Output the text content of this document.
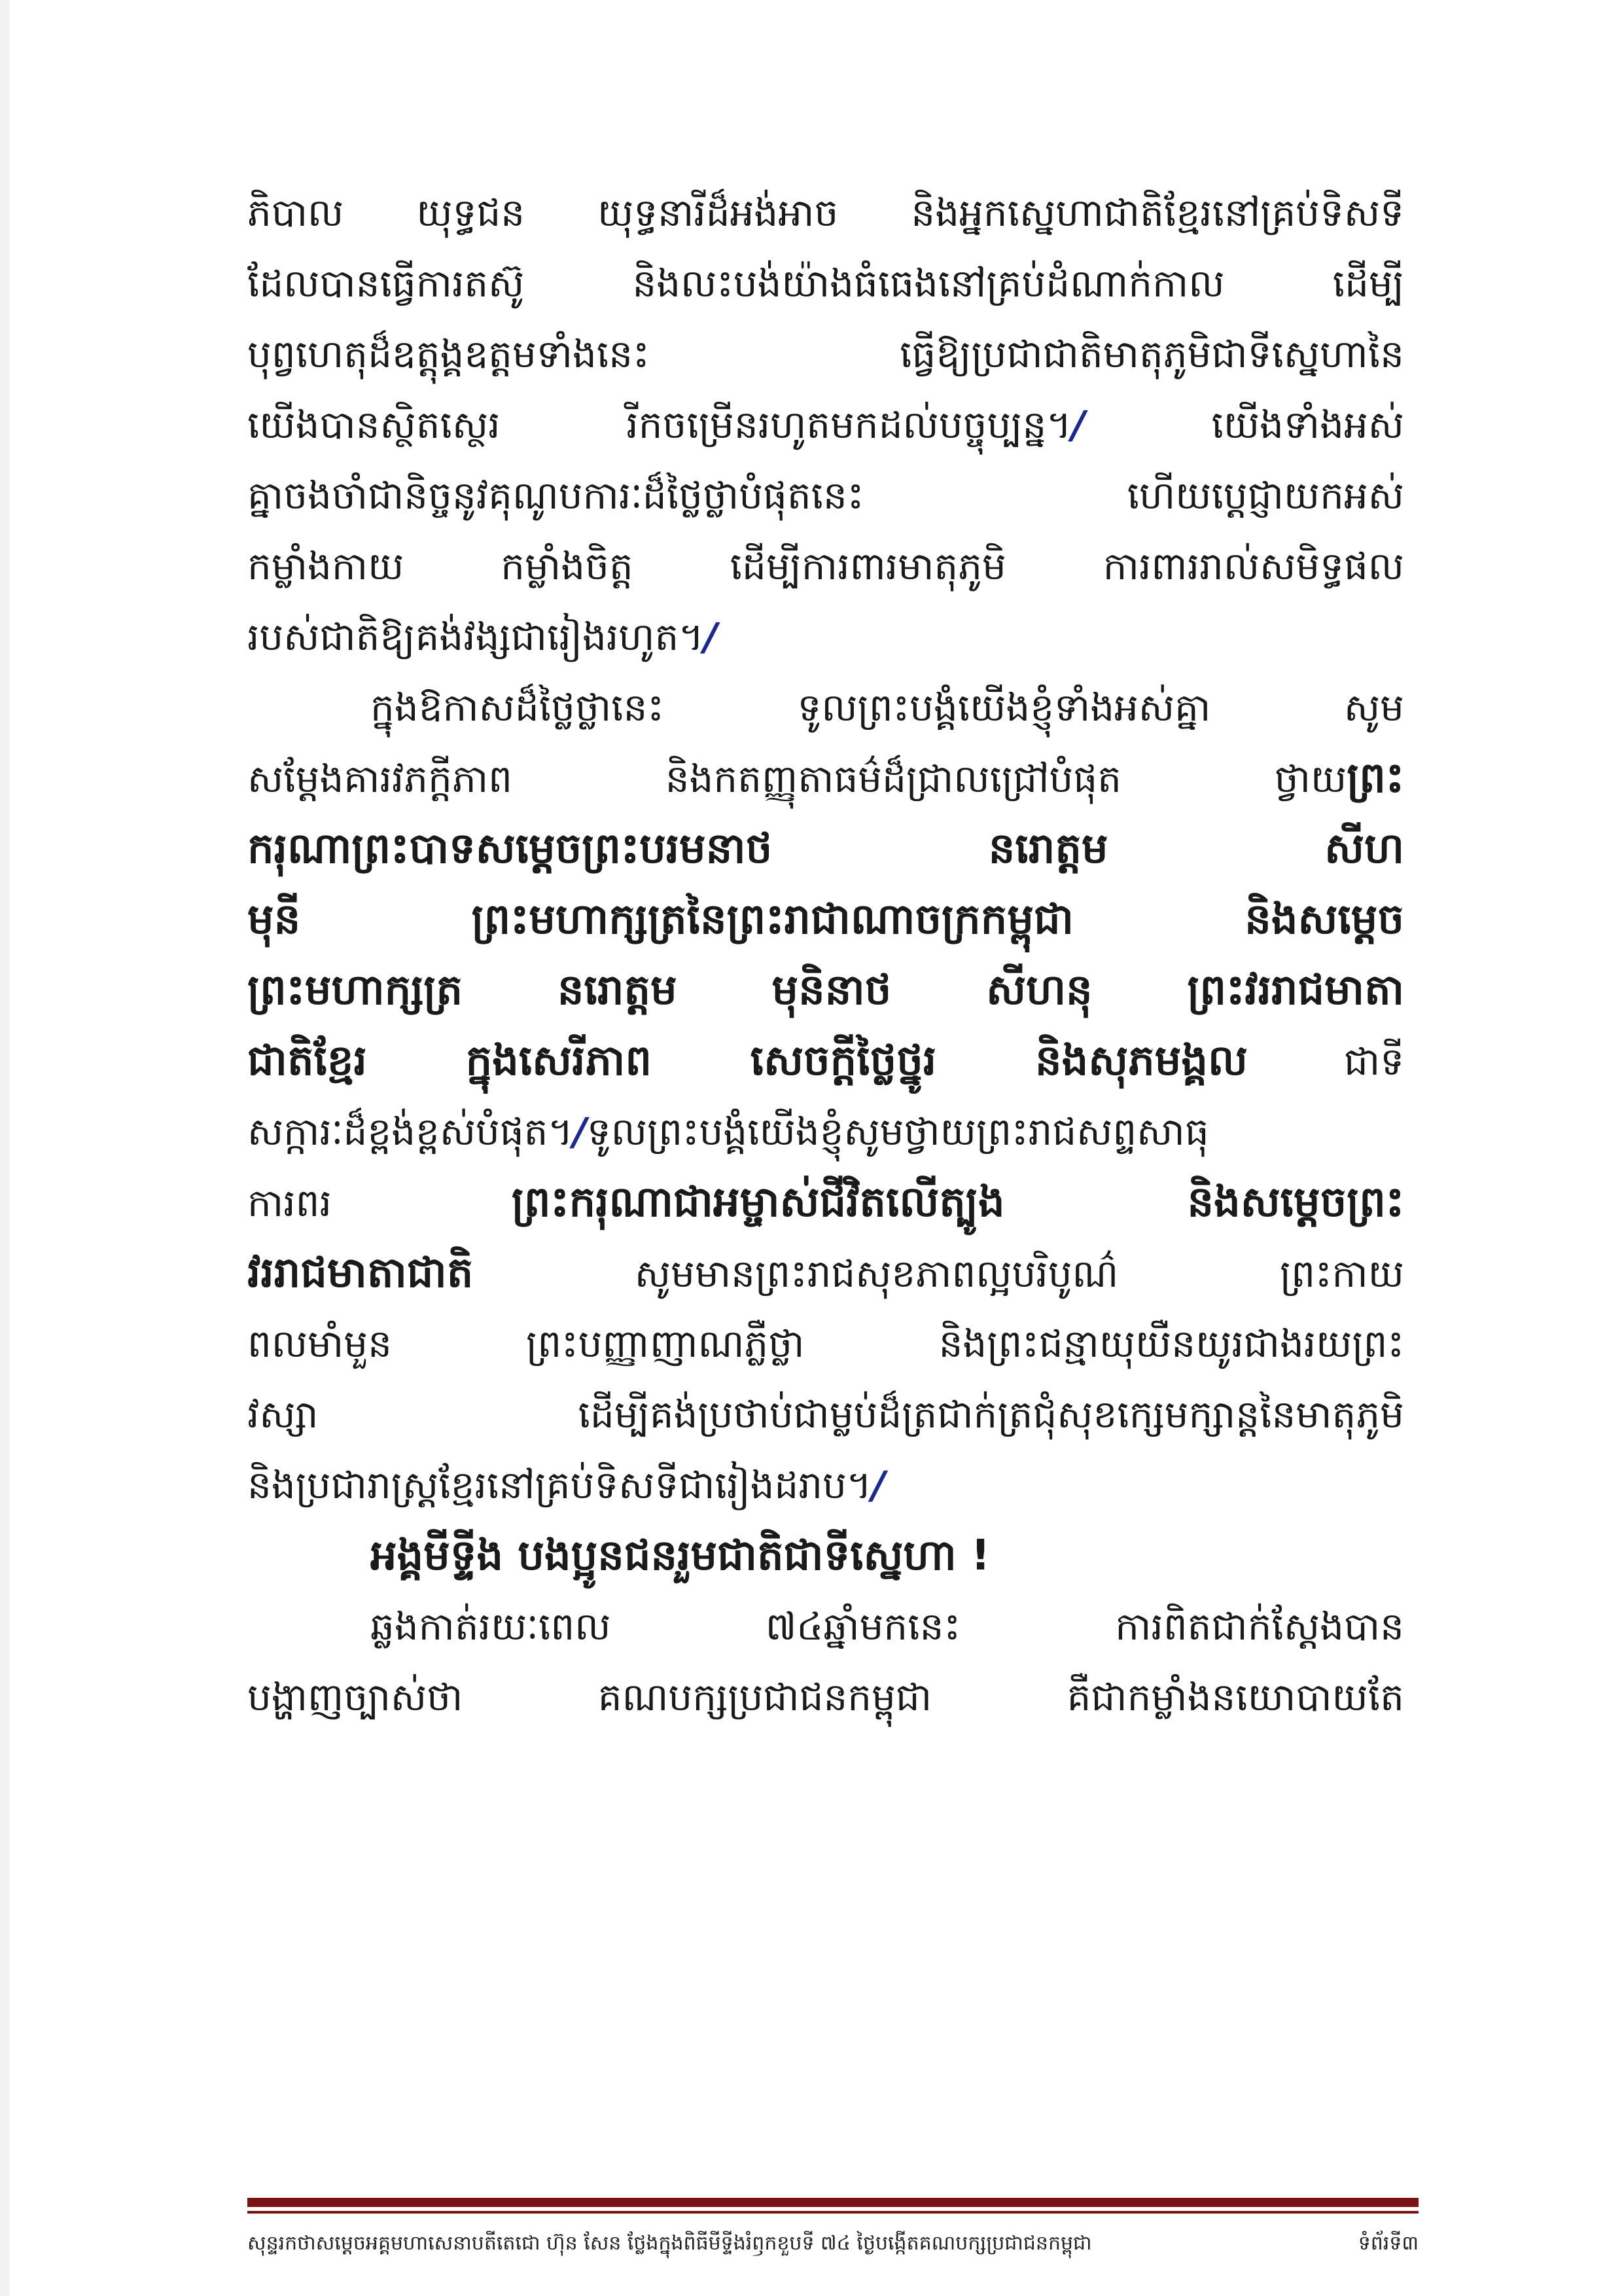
ភិបាល យុទ្ធជន យុទ្ធនារីដ៏អង់អាច និងអ្នកស្នេហាជាតិខ្មែរនៅគ្រប់ទិសទី
ដែលបានធ្វើការតស៊ូ និងលះបង់យ៉ាងធំធេងនៅគ្រប់ដំណាក់កាល ដើម្បី
បុព្វហេតុដ៏ឧត្តុង្គឧត្តមទាំងនេះ ធ្វើឱ្យប្រជាជាតិមាតុភូមិជាទីស្នេហានៃ
យើងបានស្ថិតស្ថេរ រីកចម្រើនរហូតមកដល់បច្ចុប្បន្ន។/ យើងទាំងអស់
គ្នាចងចាំជានិច្ចនូវគុណូបការៈដ៏ថ្លៃថ្លាបំផុតនេះ ហើយប្ដេជ្ញាយកអស់
កម្លាំងកាយ កម្លាំងចិត្ត ដើម្បីការពារមាតុភូមិ ការពាររាល់សមិទ្ធផល
របស់ជាតិឱ្យគង់វង្សជារៀងរហូត។/
ក្នុងឱកាសដ៏ថ្លៃថ្លានេះ ទូលព្រះបង្គំយើងខ្ញុំទាំងអស់គ្នា សូម
សម្ដែងគារវភក្ដីភាព និងកតញ្ញុតាធម៌ដ៏ជ្រាលជ្រៅបំផុត ថ្វាយព្រះ
ករុណាព្រះបាទសម្ដេចព្រះបរមនាថ នរោត្តម សីហ
មុនី ព្រះមហាក្សត្រនៃព្រះរាជាណាចក្រកម្ពុជា និងសម្ដេច
ព្រះមហាក្សត្រ នរោត្តម មុនិនាថ សីហនុ ព្រះវររាជមាតា
ជាតិខ្មែរ ក្នុងសេរីភាព សេចក្ដីថ្លៃថ្នូរ និងសុភមង្គល ជាទី
សក្ការៈដ៏ខ្ពង់ខ្ពស់បំផុត។/ទូលព្រះបង្គំយើងខ្ញុំសូមថ្វាយព្រះរាជសព្ទសាធុ
ការពរ ព្រះករុណាជាអម្ចាស់ជីវិតលើត្បូង និងសម្ដេចព្រះ
វររាជមាតាជាតិ សូមមានព្រះរាជសុខភាពល្អបរិបូណ៌ ព្រះកាយ
ពលមាំមួន ព្រះបញ្ញាញាណភ្លឺថ្លា និងព្រះជន្មាយុយឺនយូរជាងរយព្រះ
វស្សា ដើម្បីគង់ប្រថាប់ជាម្លប់ដ៏ត្រជាក់ត្រជុំសុខក្សេមក្សាន្តនៃមាតុភូមិ
និងប្រជារាស្ត្រខ្មែរនៅគ្រប់ទិសទីជារៀងដរាប។/
អង្គមីទ្ទីង បងប្អូនជនរួមជាតិជាទីស្នេហា !
ឆ្លងកាត់រយៈពេល ៧៤ឆ្នាំមកនេះ ការពិតជាក់ស្ដែងបាន
បង្ហាញច្បាស់ថា គណបក្សប្រជាជនកម្ពុជា គឺជាកម្លាំងនយោបាយតែ
សុន្ទរកថាសម្ដេចអគ្គមហាសេនាបតីតេជោ ហ៊ុន សែន ថ្លែងក្នុងពិធីមីទ្ទីងរំឭកខួបទី ៧៤ ថ្ងៃបង្កើតគណបក្សប្រជាជនកម្ពុជា	ទំព័រទី៣
